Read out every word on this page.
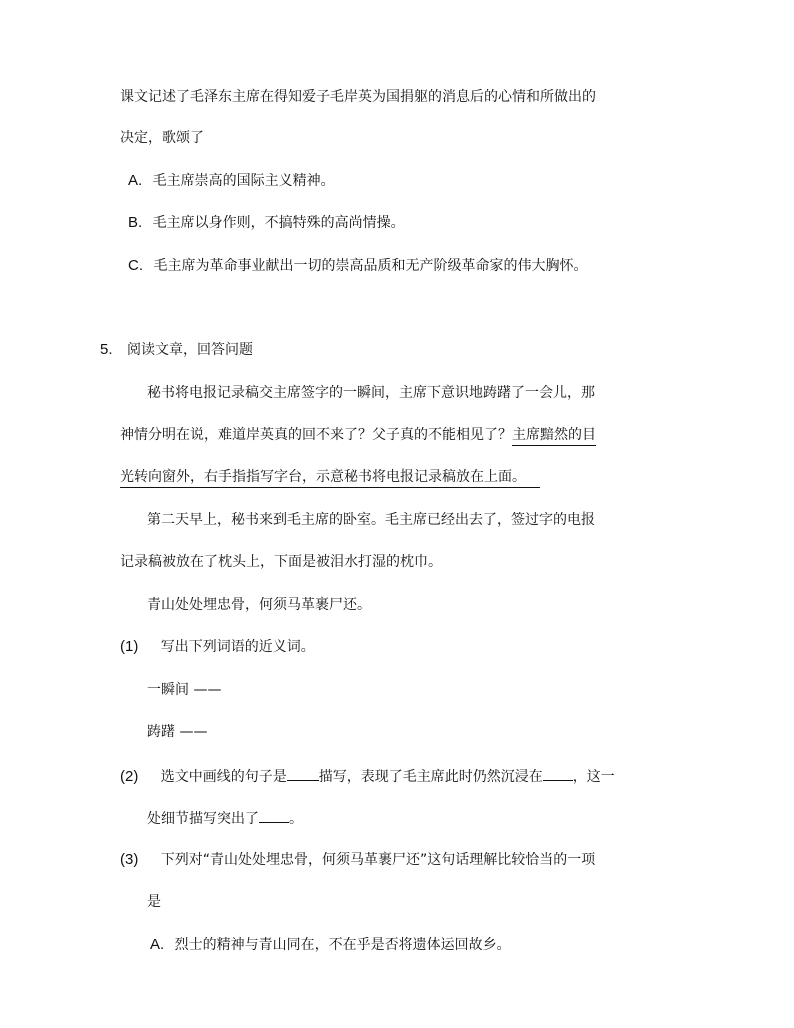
课文记述了毛泽东主席在得知爱子毛岸英为国捐躯的消息后的心情和所做出的
决定，歌颂了
A. 毛主席崇高的国际主义精神。
B. 毛主席以身作则，不搞特殊的高尚情操。
C. 毛主席为革命事业献出一切的崇高品质和无产阶级革命家的伟大胸怀。
5. 阅读文章，回答问题
秘书将电报记录稿交主席签字的一瞬间，主席下意识地踌躇了一会儿，那
神情分明在说，难道岸英真的回不来了？父子真的不能相见了？主席黯然的目
光转向窗外，右手指指写字台，示意秘书将电报记录稿放在上面。
第二天早上，秘书来到毛主席的卧室。毛主席已经出去了，签过字的电报
记录稿被放在了枕头上，下面是被泪水打湿的枕巾。
青山处处埋忠骨，何须马革裹尸还。
(1) 写出下列词语的近义词。
一瞬间 ——
踌躇 ——
(2) 选文中画线的句子是 描写，表现了毛主席此时仍然沉浸在 ，这一
处细节描写突出了 。
(3) 下列对“青山处处埋忠骨，何须马革裹尸还”这句话理解比较恰当的一项
是
A. 烈士的精神与青山同在，不在乎是否将遗体运回故乡。
